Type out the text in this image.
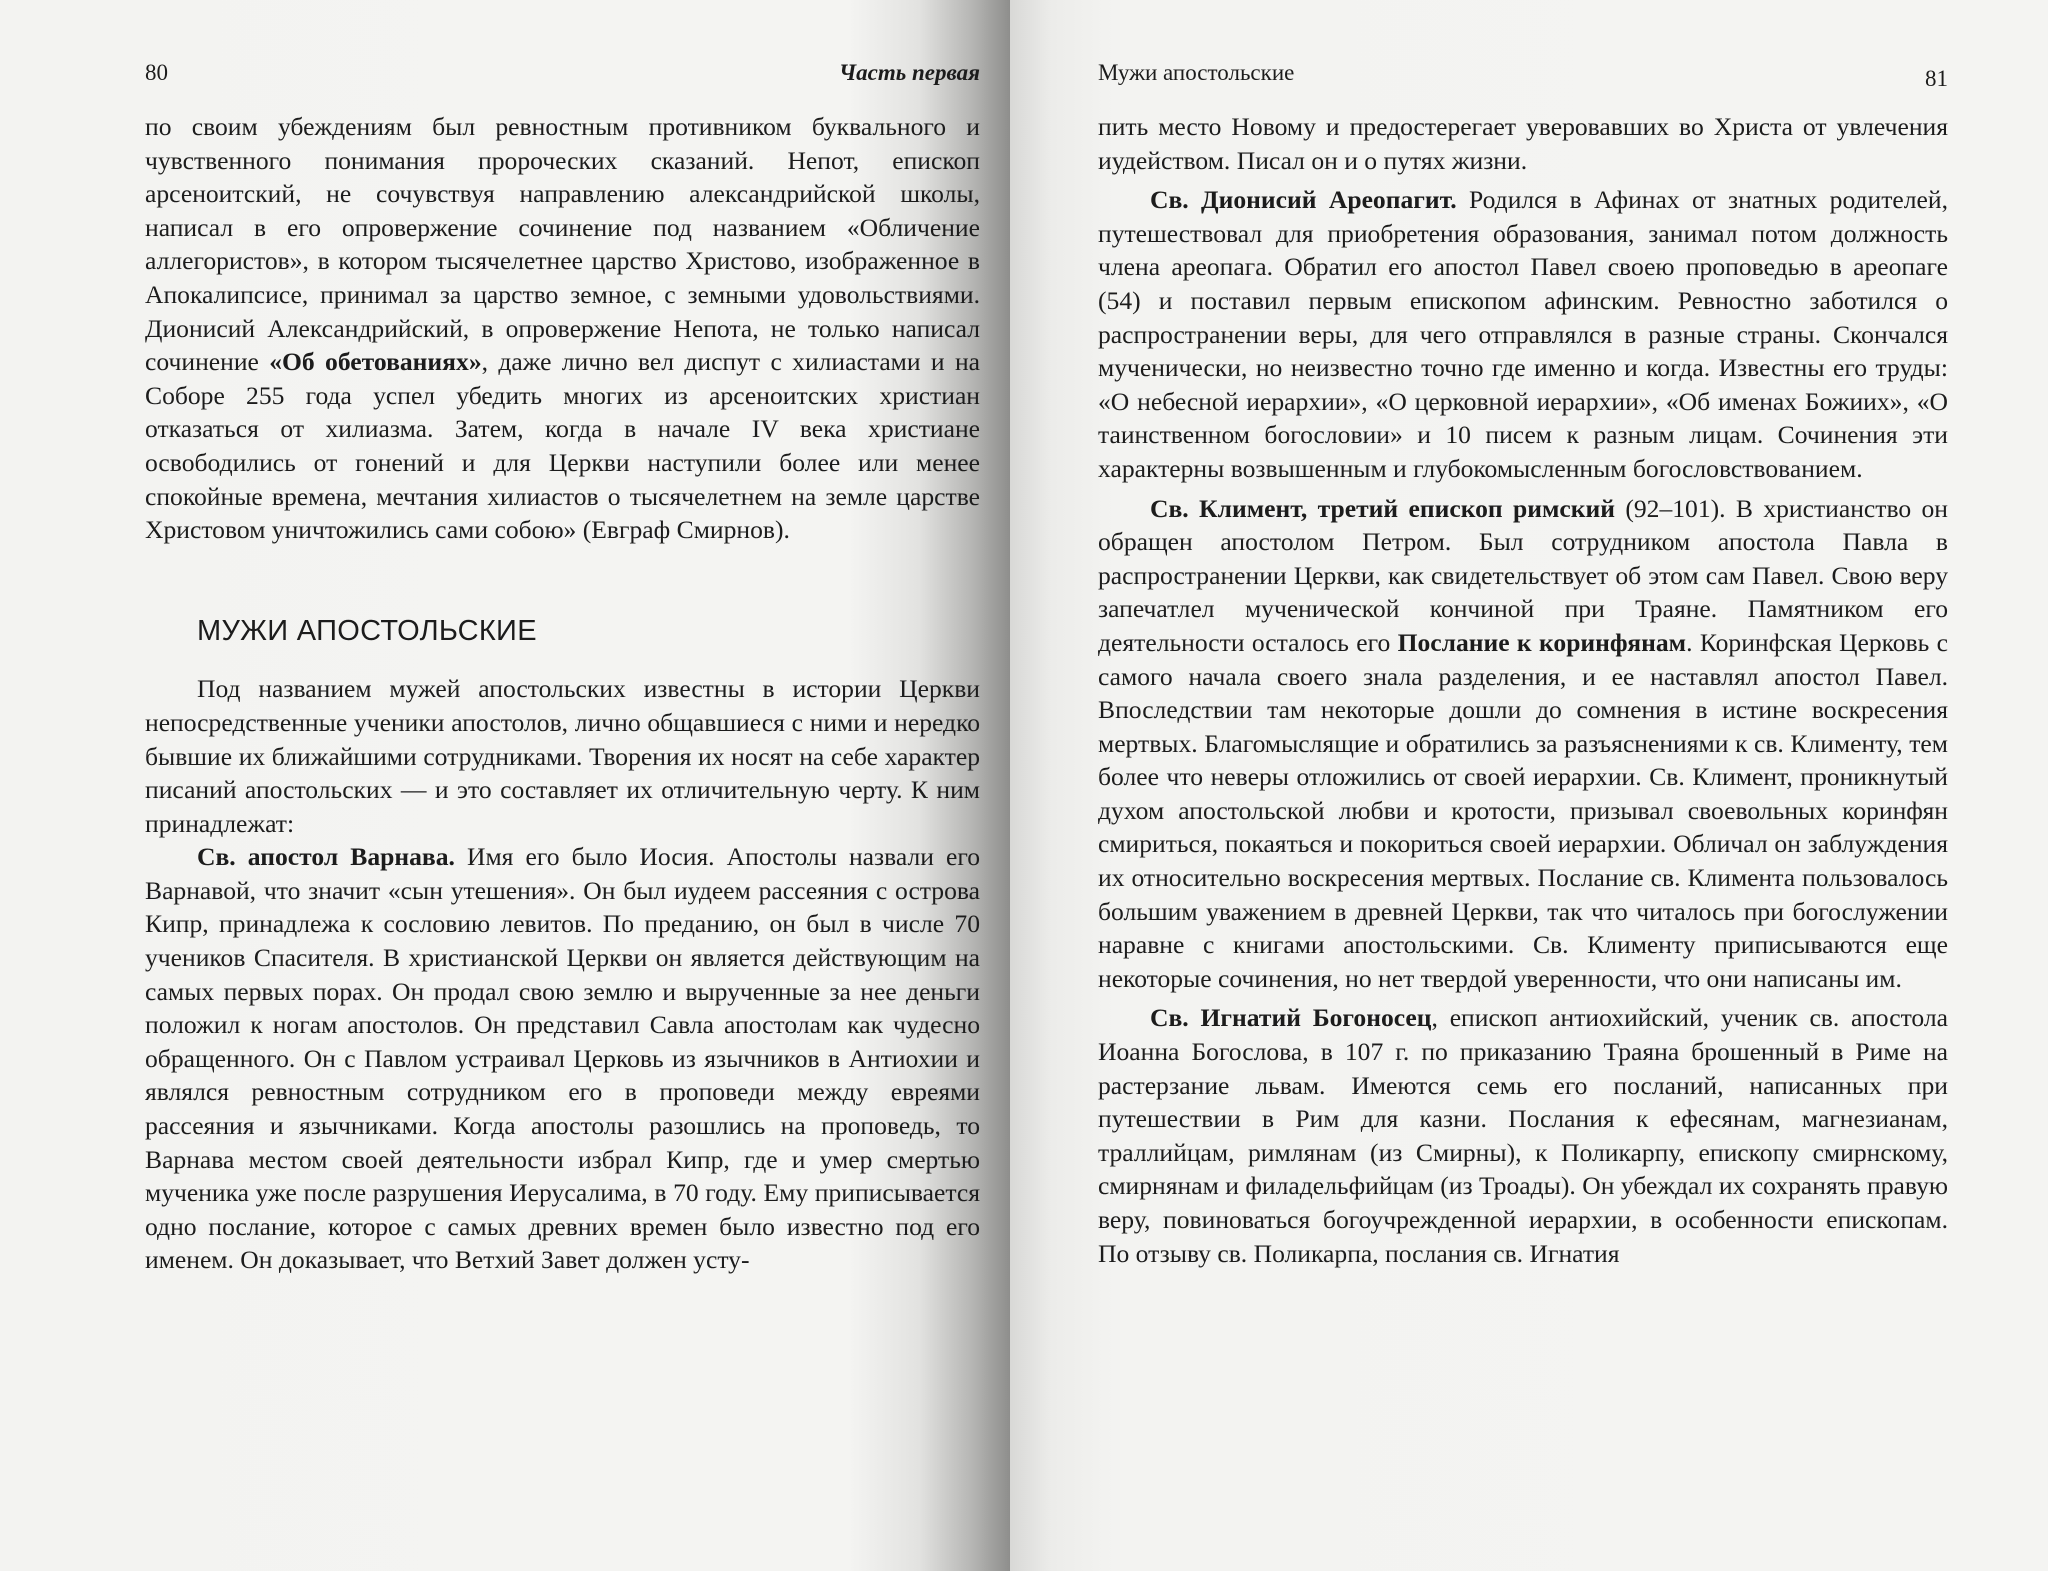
80	Часть первая

по своим убеждениям был ревностным противником буквального и чувственного понимания пророческих сказаний. Непот, епископ арсеноитский, не сочувствуя направлению александрийской школы, написал в его опровержение сочинение под названием «Обличение аллегористов», в котором тысячелетнее царство Христово, изображенное в Апокалипсисе, принимал за царство земное, с земными удовольствиями. Дионисий Александрийский, в опровержение Непота, не только написал сочинение «Об обетованиях», даже лично вел диспут с хилиастами и на Соборе 255 года успел убедить многих из арсеноитских христиан отказаться от хилиазма. Затем, когда в начале IV века христиане освободились от гонений и для Церкви наступили более или менее спокойные времена, мечтания хилиастов о тысячелетнем на земле царстве Христовом уничтожились сами собою» (Евграф Смирнов).

МУЖИ АПОСТОЛЬСКИЕ

Под названием мужей апостольских известны в истории Церкви непосредственные ученики апостолов, лично общавшиеся с ними и нередко бывшие их ближайшими сотрудниками. Творения их носят на себе характер писаний апостольских — и это составляет их отличительную черту. К ним принадлежат:

Св. апостол Варнава. Имя его было Иосия. Апостолы назвали его Варнавой, что значит «сын утешения». Он был иудеем рассеяния с острова Кипр, принадлежа к сословию левитов. По преданию, он был в числе 70 учеников Спасителя. В христианской Церкви он является действующим на самых первых порах. Он продал свою землю и вырученные за нее деньги положил к ногам апостолов. Он представил Савла апостолам как чудесно обращенного. Он с Павлом устраивал Церковь из язычников в Антиохии и являлся ревностным сотрудником его в проповеди между евреями рассеяния и язычниками. Когда апостолы разошлись на проповедь, то Варнава местом своей деятельности избрал Кипр, где и умер смертью мученика уже после разрушения Иерусалима, в 70 году. Ему приписывается одно послание, которое с самых древних времен было известно под его именем. Он доказывает, что Ветхий Завет должен усту-

Мужи апостольские	81

пить место Новому и предостерегает уверовавших во Христа от увлечения иудейством. Писал он и о путях жизни.

Св. Дионисий Ареопагит. Родился в Афинах от знатных родителей, путешествовал для приобретения образования, занимал потом должность члена ареопага. Обратил его апостол Павел своею проповедью в ареопаге (54) и поставил первым епископом афинским. Ревностно заботился о распространении веры, для чего отправлялся в разные страны. Скончался мученически, но неизвестно точно где именно и когда. Известны его труды: «О небесной иерархии», «О церковной иерархии», «Об именах Божиих», «О таинственном богословии» и 10 писем к разным лицам. Сочинения эти характерны возвышенным и глубокомысленным богословствованием.

Св. Климент, третий епископ римский (92–101). В христианство он обращен апостолом Петром. Был сотрудником апостола Павла в распространении Церкви, как свидетельствует об этом сам Павел. Свою веру запечатлел мученической кончиной при Траяне. Памятником его деятельности осталось его Послание к коринфянам. Коринфская Церковь с самого начала своего знала разделения, и ее наставлял апостол Павел. Впоследствии там некоторые дошли до сомнения в истине воскресения мертвых. Благомыслящие и обратились за разъяснениями к св. Клименту, тем более что неверы отложились от своей иерархии. Св. Климент, проникнутый духом апостольской любви и кротости, призывал своевольных коринфян смириться, покаяться и покориться своей иерархии. Обличал он заблуждения их относительно воскресения мертвых. Послание св. Климента пользовалось большим уважением в древней Церкви, так что читалось при богослужении наравне с книгами апостольскими. Св. Клименту приписываются еще некоторые сочинения, но нет твердой уверенности, что они написаны им.

Св. Игнатий Богоносец, епископ антиохийский, ученик св. апостола Иоанна Богослова, в 107 г. по приказанию Траяна брошенный в Риме на растерзание львам. Имеются семь его посланий, написанных при путешествии в Рим для казни. Послания к ефесянам, магнезианам, траллийцам, римлянам (из Смирны), к Поликарпу, епископу смирнскому, смирнянам и филадельфийцам (из Троады). Он убеждал их сохранять правую веру, повиноваться богоучрежденной иерархии, в особенности епископам. По отзыву св. Поликарпа, послания св. Игнатия
